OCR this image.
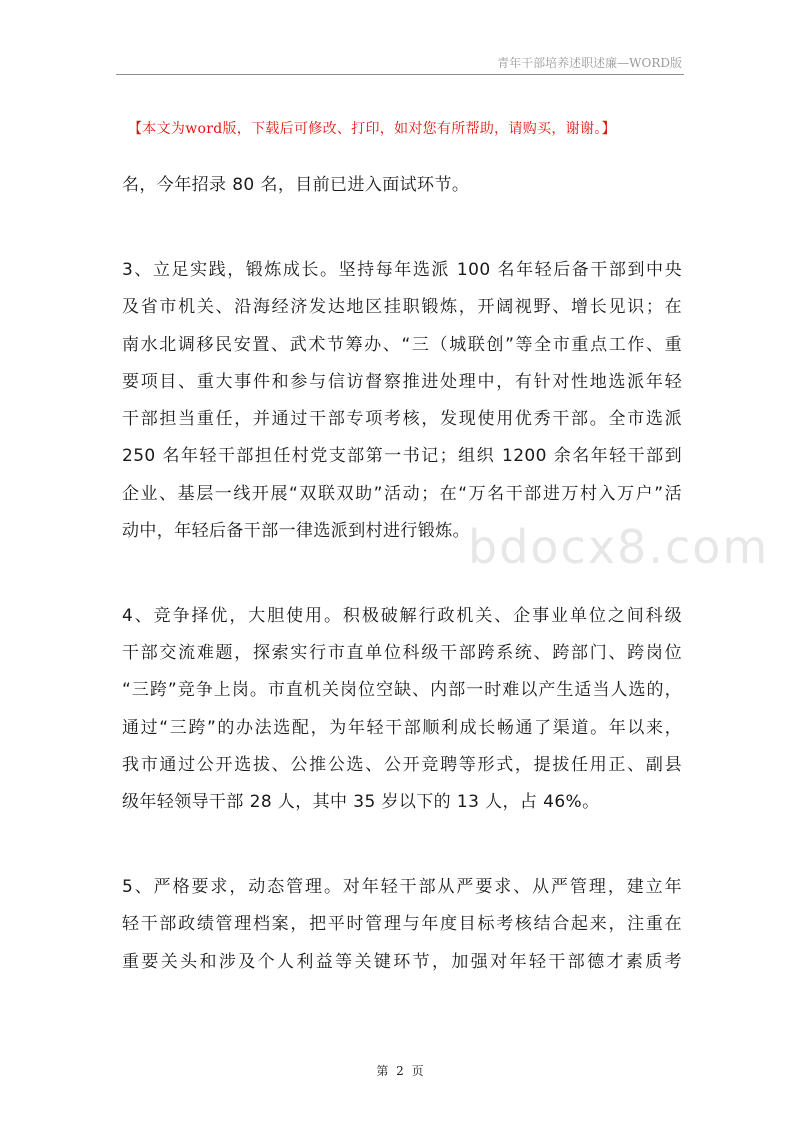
青年干部培养述职述廉—WORD版
【本文为word版，下载后可修改、打印，如对您有所帮助，请购买，谢谢。】
名，今年招录 80 名，目前已进入面试环节。
3、立足实践，锻炼成长。坚持每年选派 100 名年轻后备干部到中央
及省市机关、沿海经济发达地区挂职锻炼，开阔视野、增长见识；在
南水北调移民安置、武术节筹办、“三（城联创”等全市重点工作、重
要项目、重大事件和参与信访督察推进处理中，有针对性地选派年轻
干部担当重任，并通过干部专项考核，发现使用优秀干部。全市选派
250 名年轻干部担任村党支部第一书记；组织 1200 余名年轻干部到
企业、基层一线开展“双联双助”活动；在“万名干部进万村入万户”活
动中，年轻后备干部一律选派到村进行锻炼。
4、竞争择优，大胆使用。积极破解行政机关、企事业单位之间科级
干部交流难题，探索实行市直单位科级干部跨系统、跨部门、跨岗位
“三跨”竞争上岗。市直机关岗位空缺、内部一时难以产生适当人选的，
通过“三跨”的办法选配，为年轻干部顺利成长畅通了渠道。年以来，
我市通过公开选拔、公推公选、公开竞聘等形式，提拔任用正、副县
级年轻领导干部 28 人，其中 35 岁以下的 13 人，占 46%。
5、严格要求，动态管理。对年轻干部从严要求、从严管理，建立年
轻干部政绩管理档案，把平时管理与年度目标考核结合起来，注重在
重要关头和涉及个人利益等关键环节，加强对年轻干部德才素质考
bdocx8.com
第 2 页
